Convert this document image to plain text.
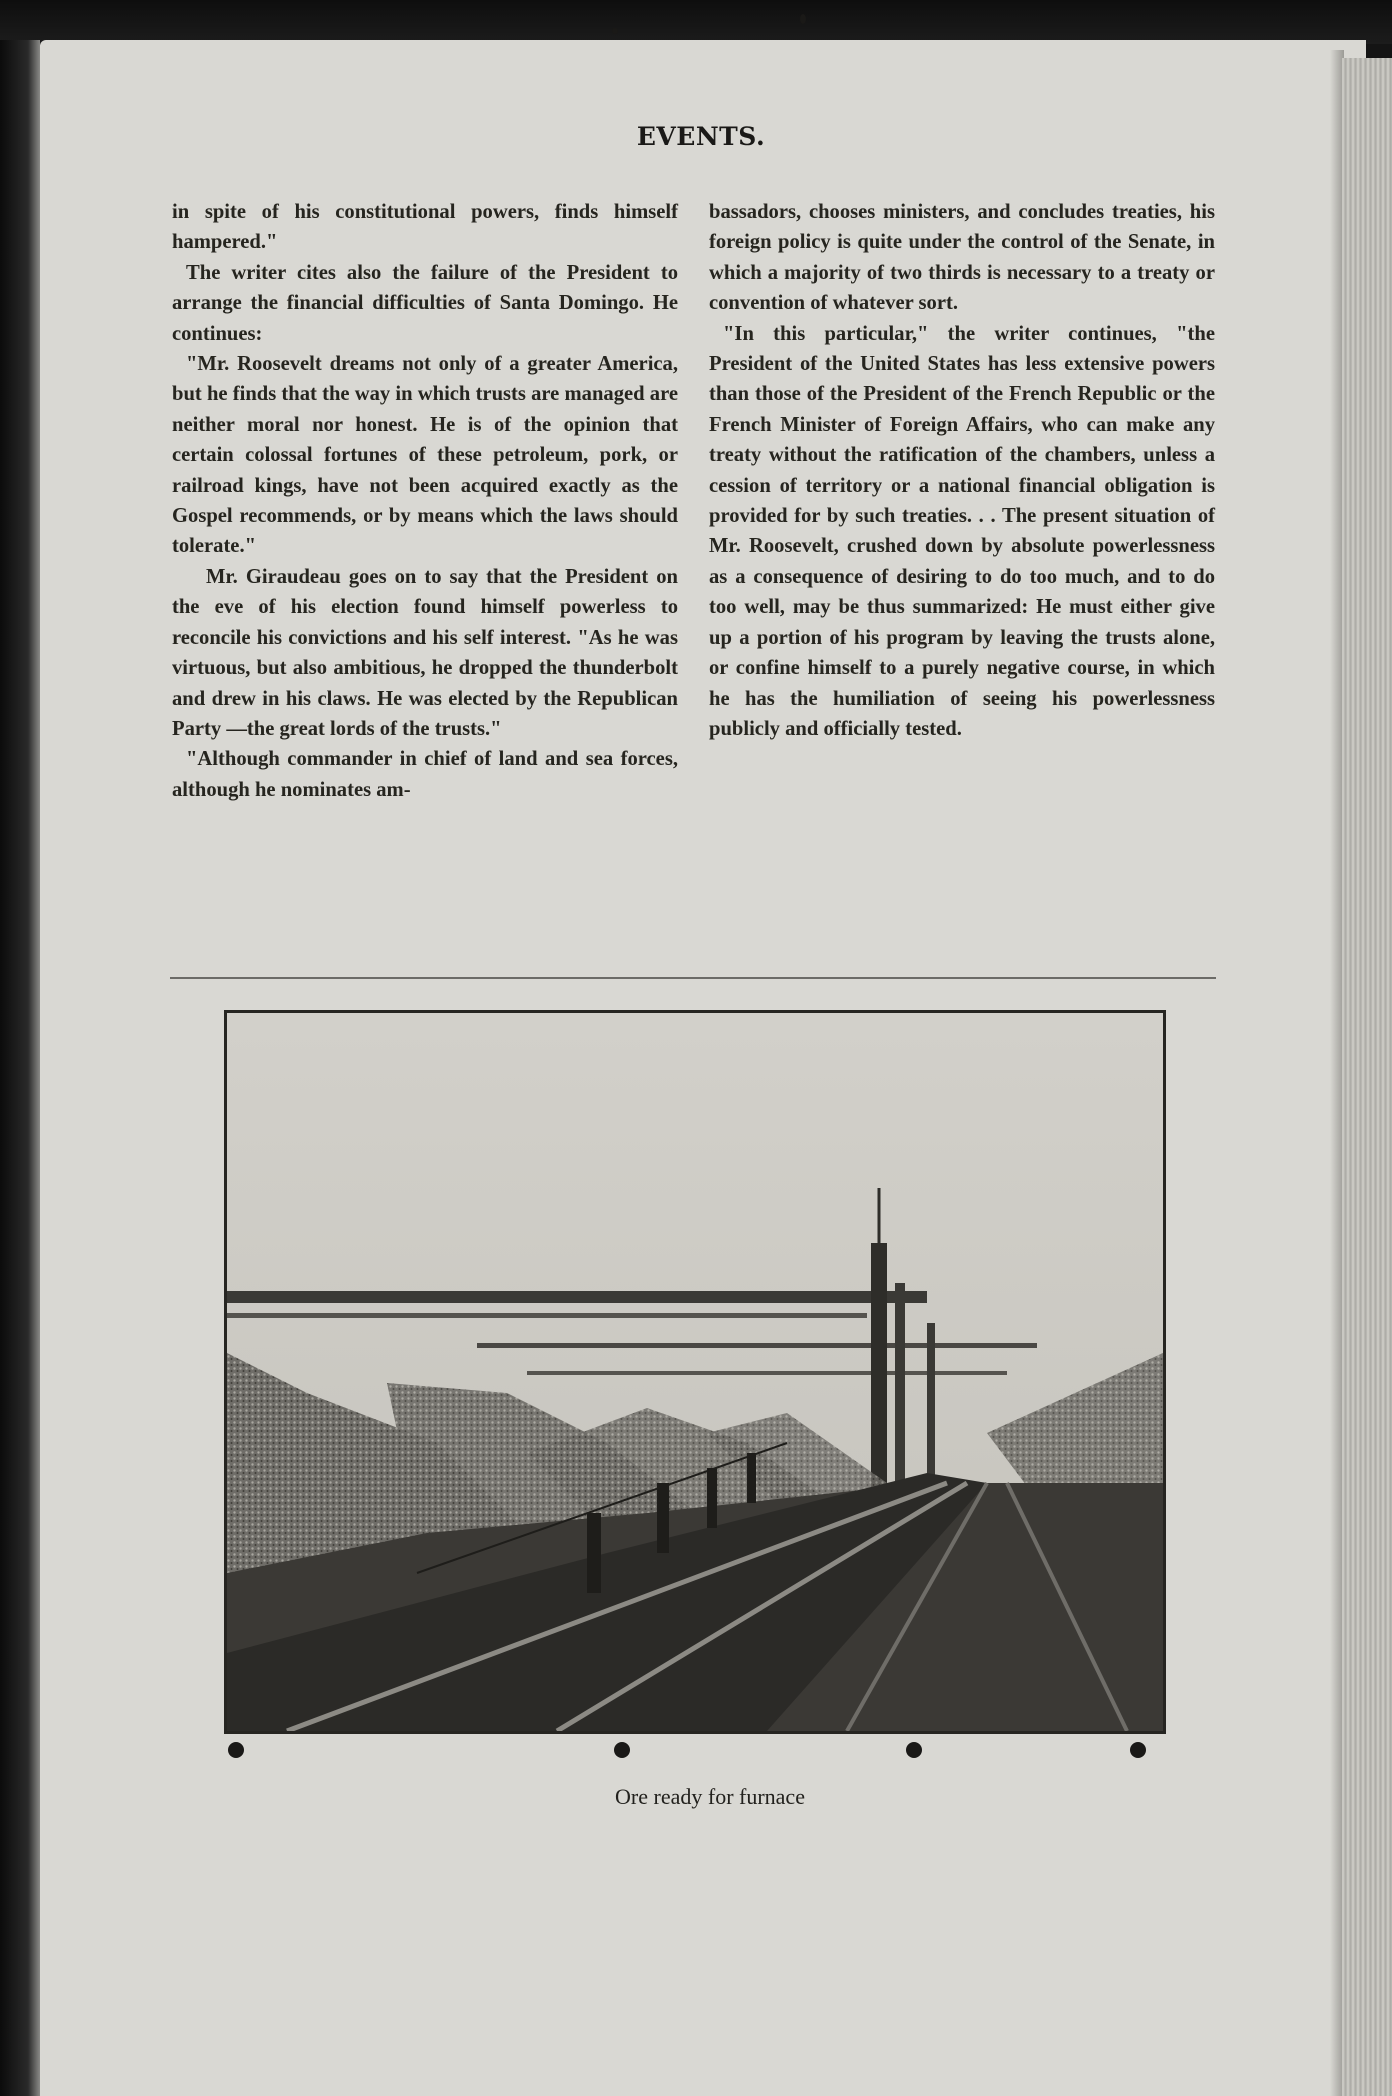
EVENTS.

in spite of his constitutional powers, finds himself hampered."

The writer cites also the failure of the President to arrange the financial difficulties of Santa Domingo. He continues:

"Mr. Roosevelt dreams not only of a greater America, but he finds that the way in which trusts are managed are neither moral nor honest. He is of the opinion that certain colossal fortunes of these petroleum, pork, or railroad kings, have not been acquired exactly as the Gospel recommends, or by means which the laws should tolerate."

Mr. Giraudeau goes on to say that the President on the eve of his election found himself powerless to reconcile his convictions and his self interest. "As he was virtuous, but also ambitious, he dropped the thunderbolt and drew in his claws. He was elected by the Republican Party —the great lords of the trusts."

"Although commander in chief of land and sea forces, although he nominates am-

bassadors, chooses ministers, and concludes treaties, his foreign policy is quite under the control of the Senate, in which a majority of two thirds is necessary to a treaty or convention of whatever sort.

"In this particular," the writer continues, "the President of the United States has less extensive powers than those of the President of the French Republic or the French Minister of Foreign Affairs, who can make any treaty without the ratification of the chambers, unless a cession of territory or a national financial obligation is provided for by such treaties. . . The present situation of Mr. Roosevelt, crushed down by absolute powerlessness as a consequence of desiring to do too much, and to do too well, may be thus summarized: He must either give up a portion of his program by leaving the trusts alone, or confine himself to a purely negative course, in which he has the humiliation of seeing his powerlessness publicly and officially tested.

Ore ready for furnace
